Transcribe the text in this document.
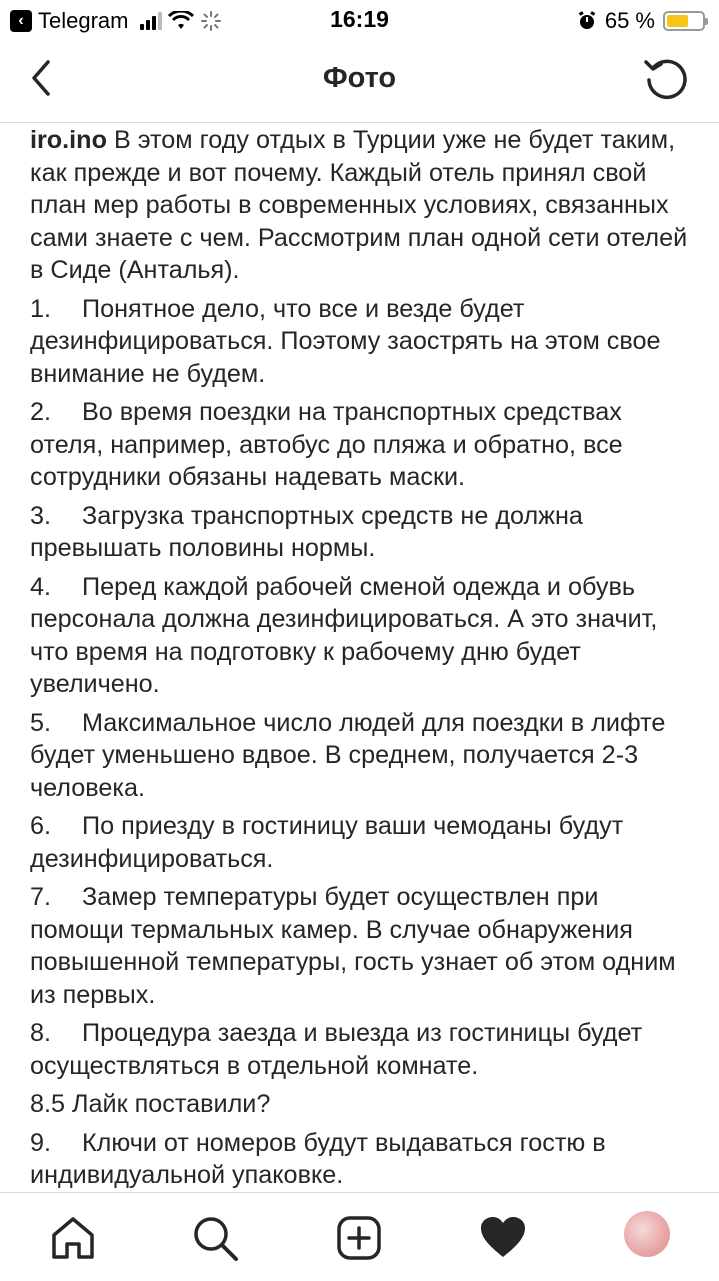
‹ Telegram	16:19	65 %
Фото

iro.ino В этом году отдых в Турции уже не будет таким, как прежде и вот почему. Каждый отель принял свой план мер работы в современных условиях, связанных сами знаете с чем. Рассмотрим план одной сети отелей в Сиде (Анталья).

1. Понятное дело, что все и везде будет дезинфицироваться. Поэтому заострять на этом свое внимание не будем.

2. Во время поездки на транспортных средствах отеля, например, автобус до пляжа и обратно, все сотрудники обязаны надевать маски.

3. Загрузка транспортных средств не должна превышать половины нормы.

4. Перед каждой рабочей сменой одежда и обувь персонала должна дезинфицироваться. А это значит, что время на подготовку к рабочему дню будет увеличено.

5. Максимальное число людей для поездки в лифте будет уменьшено вдвое. В среднем, получается 2-3 человека.

6. По приезду в гостиницу ваши чемоданы будут дезинфицироваться.

7. Замер температуры будет осуществлен при помощи термальных камер. В случае обнаружения повышенной температуры, гость узнает об этом одним из первых.

8. Процедура заезда и выезда из гостиницы будет осуществляться в отдельной комнате.

8.5 Лайк поставили?

9. Ключи от номеров будут выдаваться гостю в индивидуальной упаковке.
